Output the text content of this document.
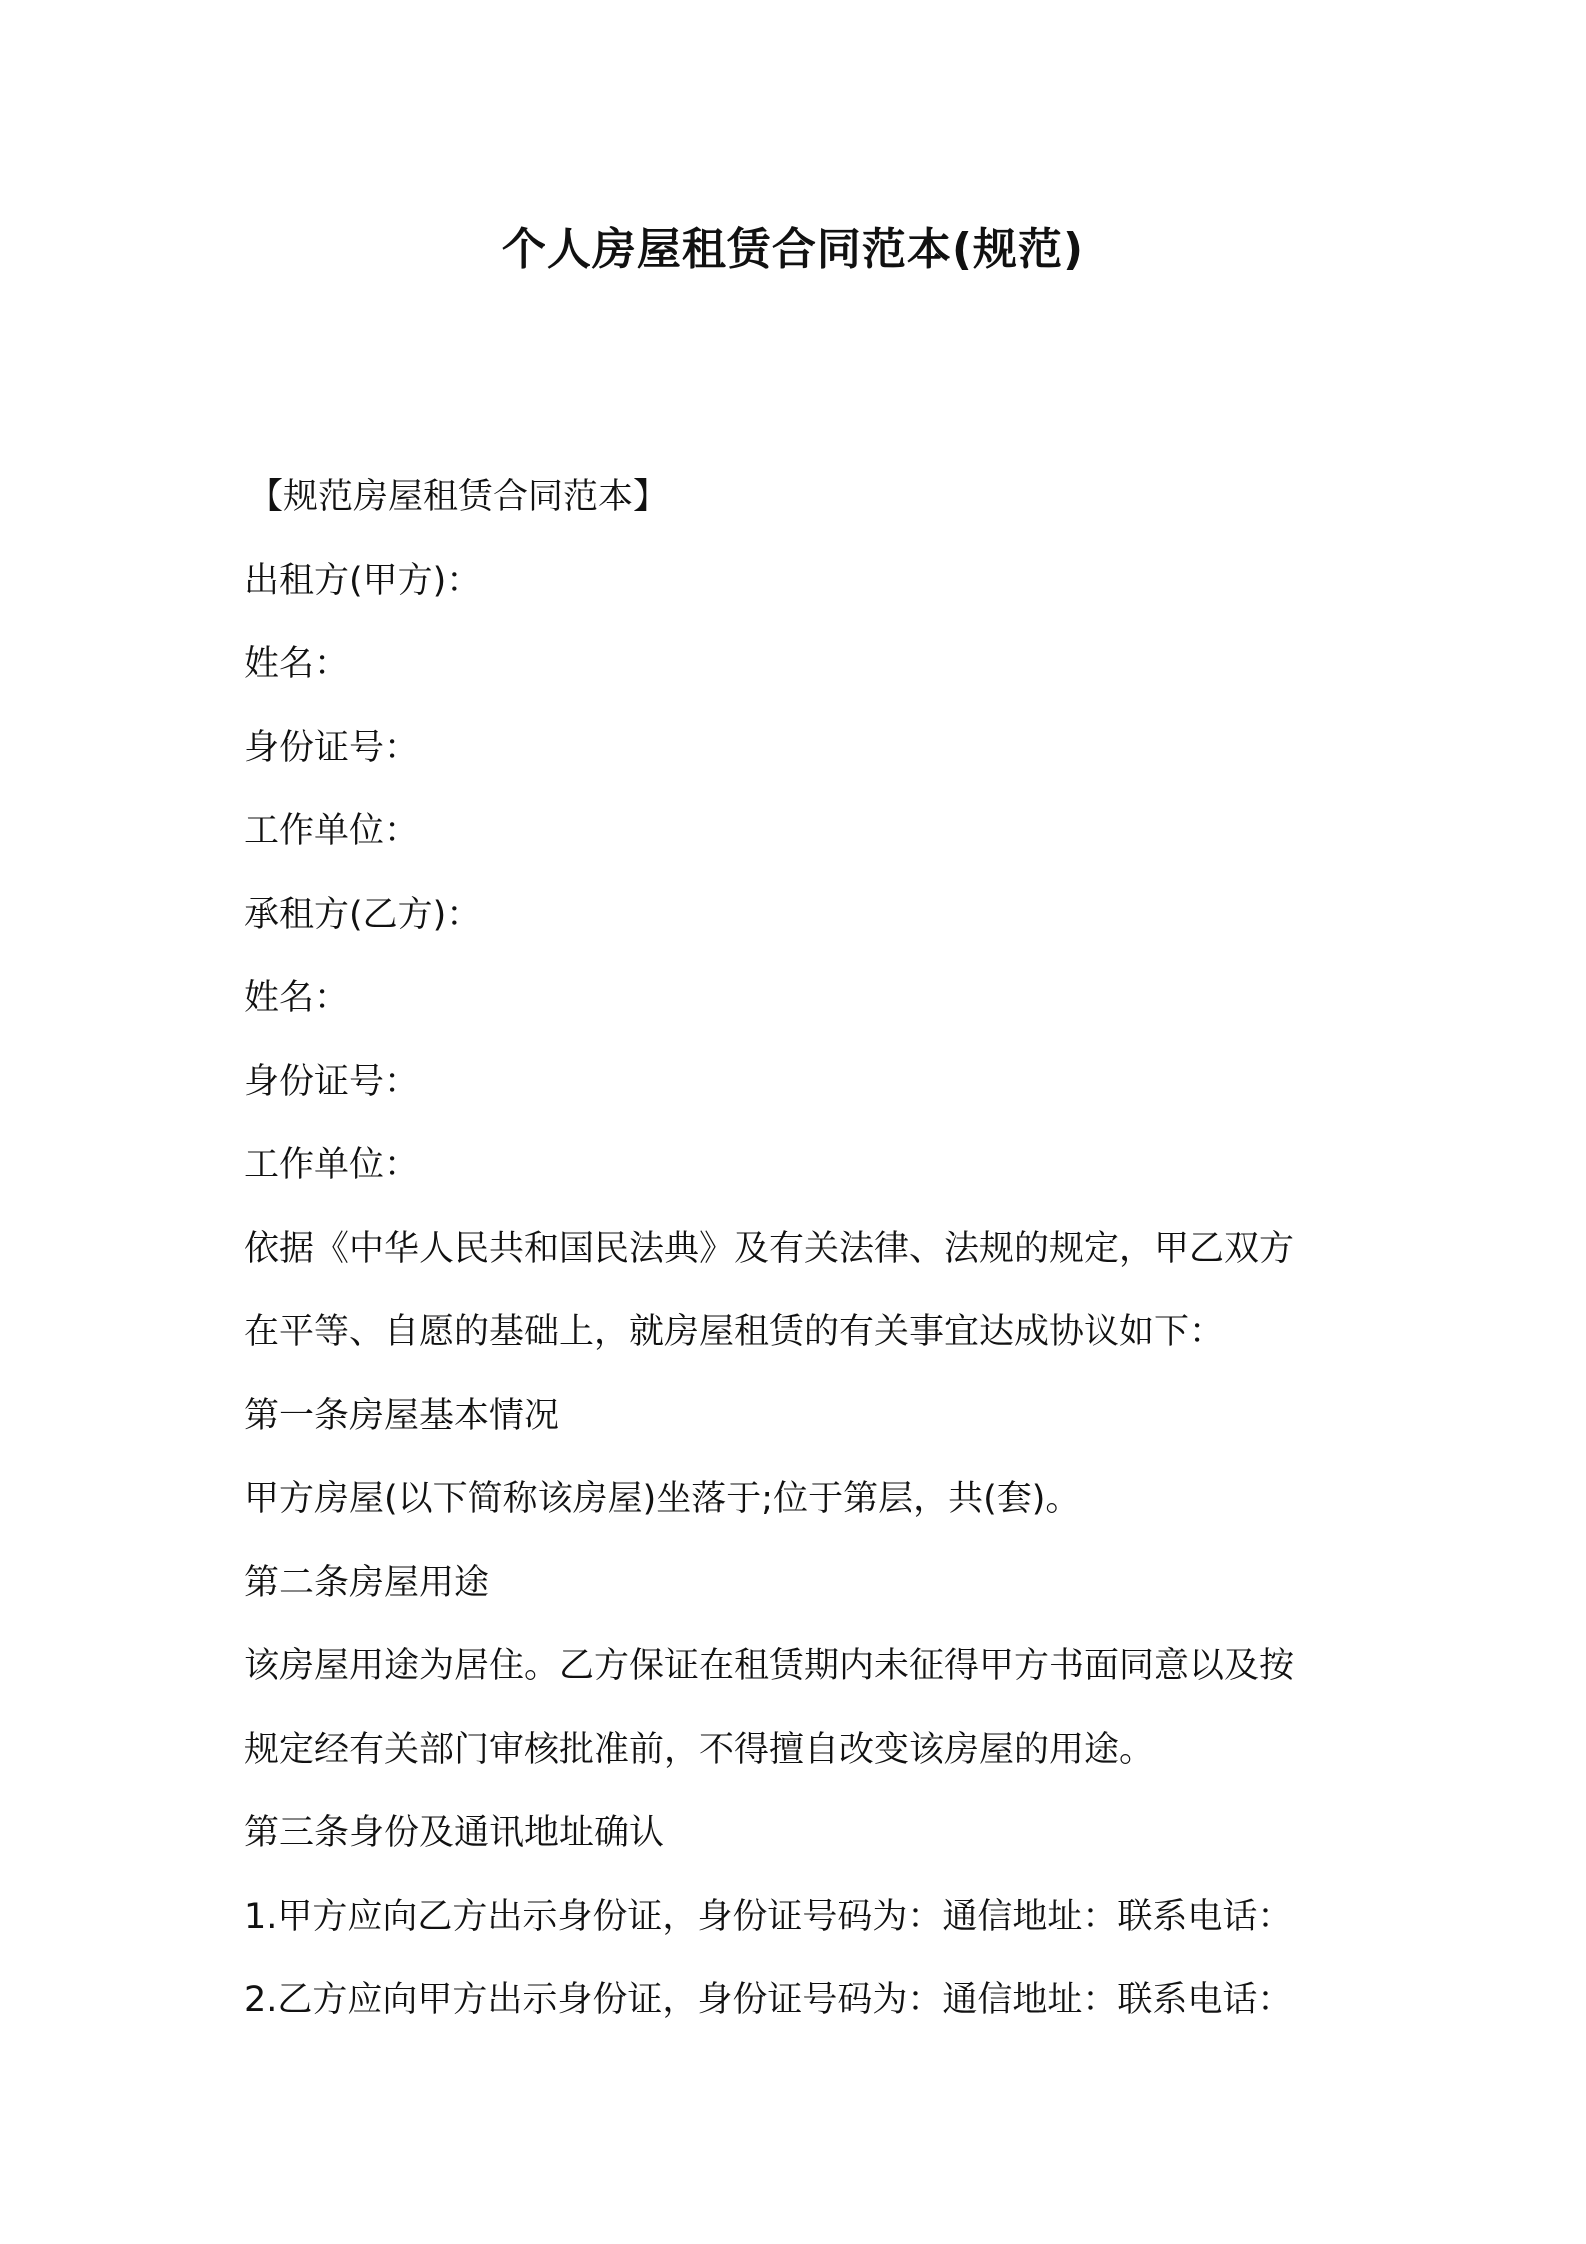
个人房屋租赁合同范本(规范)
【规范房屋租赁合同范本】
出租方(甲方)：
姓名：
身份证号：
工作单位：
承租方(乙方)：
姓名：
身份证号：
工作单位：
依据《中华人民共和国民法典》及有关法律、法规的规定，甲乙双方
在平等、自愿的基础上，就房屋租赁的有关事宜达成协议如下：
第一条房屋基本情况
甲方房屋(以下简称该房屋)坐落于;位于第层，共(套)。
第二条房屋用途
该房屋用途为居住。乙方保证在租赁期内未征得甲方书面同意以及按
规定经有关部门审核批准前，不得擅自改变该房屋的用途。
第三条身份及通讯地址确认
1.甲方应向乙方出示身份证，身份证号码为：通信地址：联系电话：
2.乙方应向甲方出示身份证，身份证号码为：通信地址：联系电话：
